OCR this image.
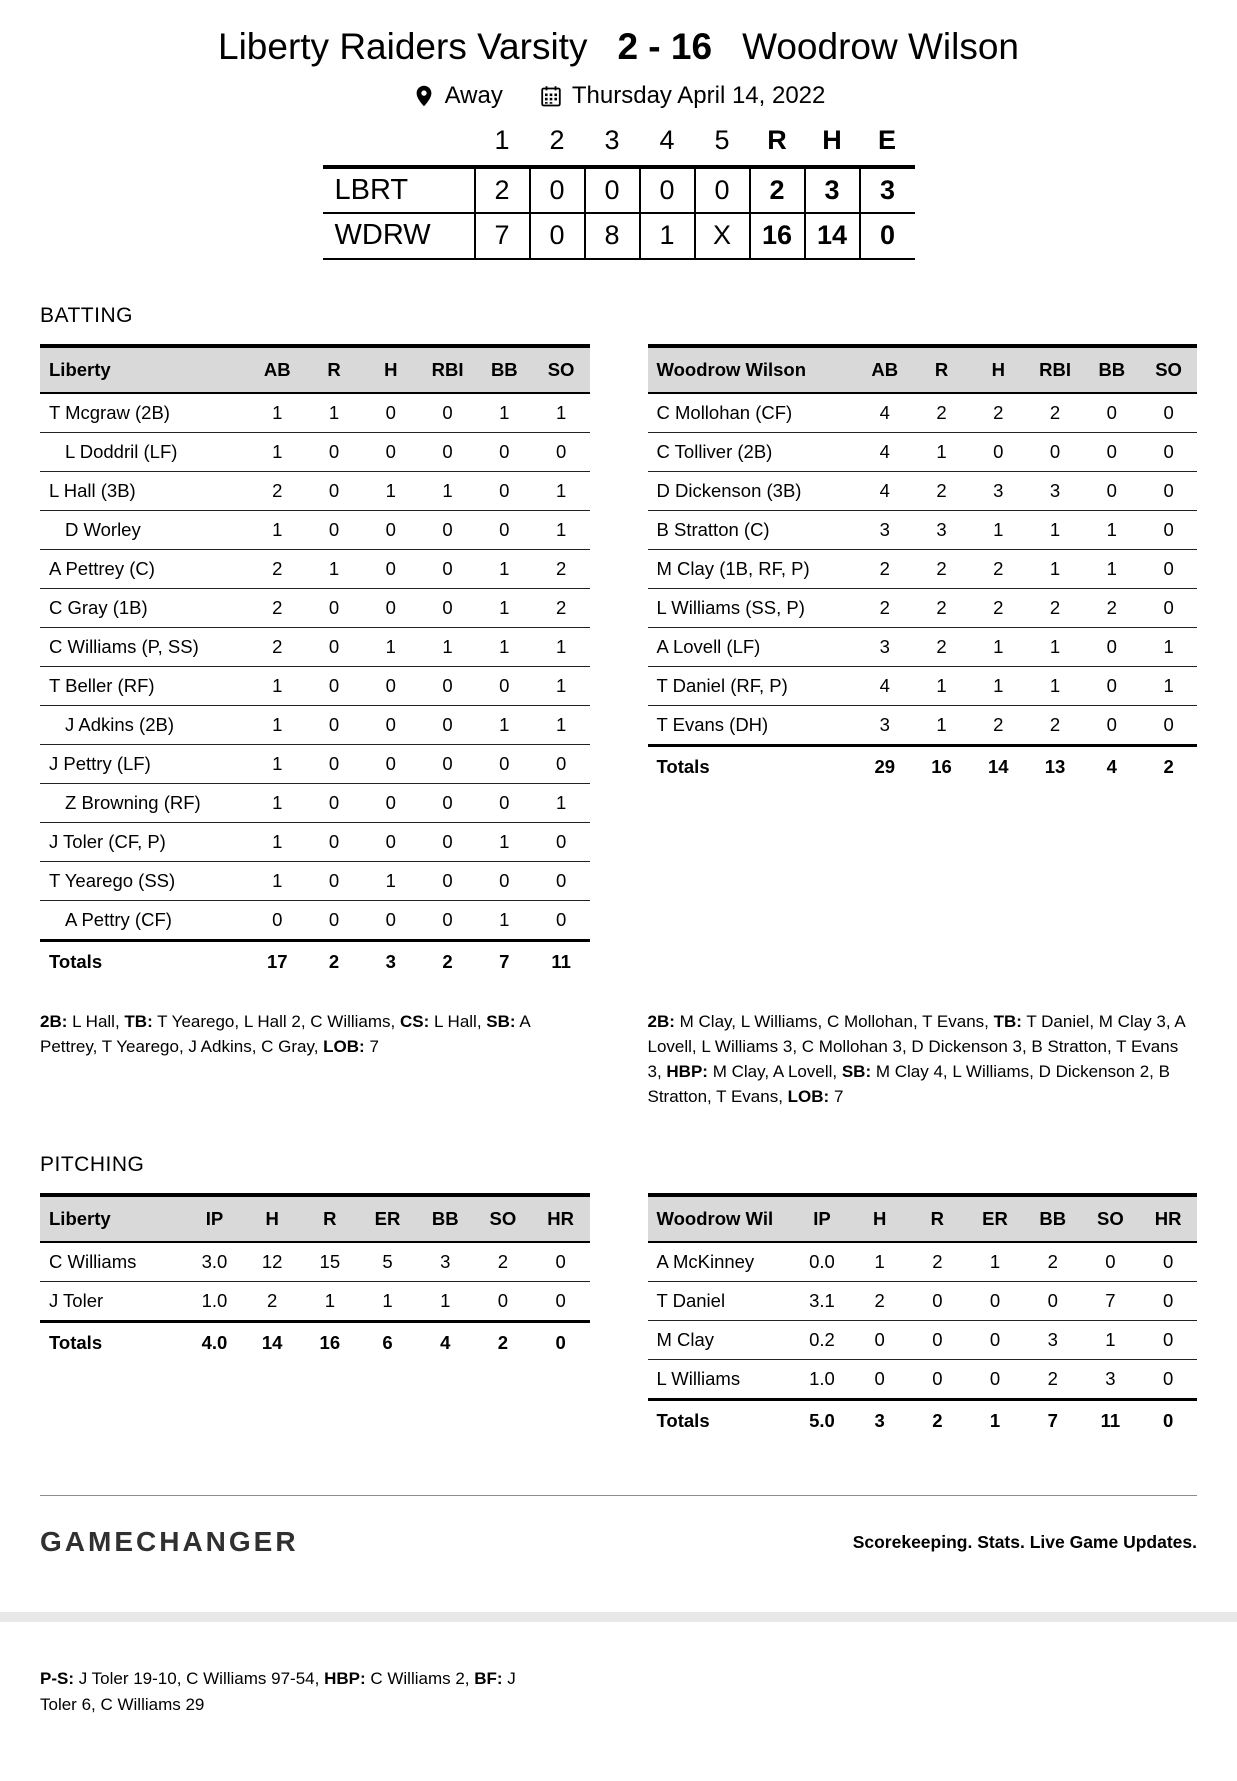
Liberty Raiders Varsity 2 - 16 Woodrow Wilson
Away	Thursday April 14, 2022
	1	2	3	4	5	R	H	E
LBRT	2	0	0	0	0	2	3	3
WDRW	7	0	8	1	X	16	14	0
BATTING
Liberty	AB	R	H	RBI	BB	SO
T Mcgraw (2B)	1	1	0	0	1	1
L Doddril (LF)	1	0	0	0	0	0
L Hall (3B)	2	0	1	1	0	1
D Worley	1	0	0	0	0	1
A Pettrey (C)	2	1	0	0	1	2
C Gray (1B)	2	0	0	0	1	2
C Williams (P, SS)	2	0	1	1	1	1
T Beller (RF)	1	0	0	0	0	1
J Adkins (2B)	1	0	0	0	1	1
J Pettry (LF)	1	0	0	0	0	0
Z Browning (RF)	1	0	0	0	0	1
J Toler (CF, P)	1	0	0	0	1	0
T Yearego (SS)	1	0	1	0	0	0
A Pettry (CF)	0	0	0	0	1	0
Totals	17	2	3	2	7	11
Woodrow Wilson	AB	R	H	RBI	BB	SO
C Mollohan (CF)	4	2	2	2	0	0
C Tolliver (2B)	4	1	0	0	0	0
D Dickenson (3B)	4	2	3	3	0	0
B Stratton (C)	3	3	1	1	1	0
M Clay (1B, RF, P)	2	2	2	1	1	0
L Williams (SS, P)	2	2	2	2	2	0
A Lovell (LF)	3	2	1	1	0	1
T Daniel (RF, P)	4	1	1	1	0	1
T Evans (DH)	3	1	2	2	0	0
Totals	29	16	14	13	4	2

2B: L Hall, TB: T Yearego, L Hall 2, C Williams, CS: L Hall, SB: A Pettrey, T Yearego, J Adkins, C Gray, LOB: 7

2B: M Clay, L Williams, C Mollohan, T Evans, TB: T Daniel, M Clay 3, A Lovell, L Williams 3, C Mollohan 3, D Dickenson 3, B Stratton, T Evans 3, HBP: M Clay, A Lovell, SB: M Clay 4, L Williams, D Dickenson 2, B Stratton, T Evans, LOB: 7

PITCHING
Liberty	IP	H	R	ER	BB	SO	HR
C Williams	3.0	12	15	5	3	2	0
J Toler	1.0	2	1	1	1	0	0
Totals	4.0	14	16	6	4	2	0
Woodrow Wil	IP	H	R	ER	BB	SO	HR
A McKinney	0.0	1	2	1	2	0	0
T Daniel	3.1	2	0	0	0	7	0
M Clay	0.2	0	0	0	3	1	0
L Williams	1.0	0	0	0	2	3	0
Totals	5.0	3	2	1	7	11	0
GAMECHANGER	Scorekeeping. Stats. Live Game Updates.

P-S: J Toler 19-10, C Williams 97-54, HBP: C Williams 2, BF: J Toler 6, C Williams 29
